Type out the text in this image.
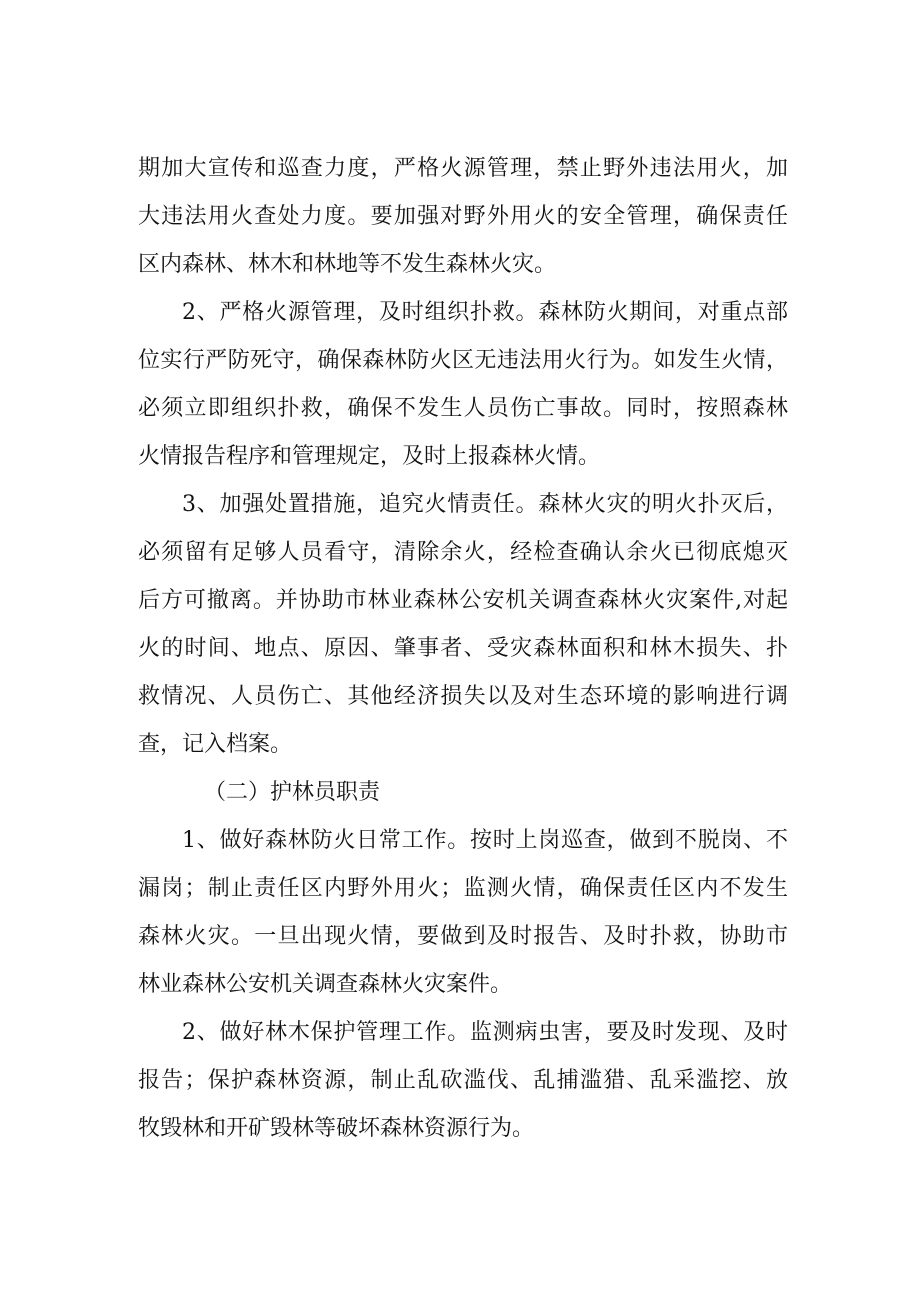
期加大宣传和巡查力度，严格火源管理，禁止野外违法用火，加
大违法用火查处力度。要加强对野外用火的安全管理，确保责任
区内森林、林木和林地等不发生森林火灾。
2、严格火源管理，及时组织扑救。森林防火期间，对重点部
位实行严防死守，确保森林防火区无违法用火行为。如发生火情，
必须立即组织扑救，确保不发生人员伤亡事故。同时，按照森林
火情报告程序和管理规定，及时上报森林火情。
3、加强处置措施，追究火情责任。森林火灾的明火扑灭后，
必须留有足够人员看守，清除余火，经检查确认余火已彻底熄灭
后方可撤离。并协助市林业森林公安机关调查森林火灾案件,对起
火的时间、地点、原因、肇事者、受灾森林面积和林木损失、扑
救情况、人员伤亡、其他经济损失以及对生态环境的影响进行调
查，记入档案。
（二）护林员职责
1、做好森林防火日常工作。按时上岗巡查，做到不脱岗、不
漏岗；制止责任区内野外用火；监测火情，确保责任区内不发生
森林火灾。一旦出现火情，要做到及时报告、及时扑救，协助市
林业森林公安机关调查森林火灾案件。
2、做好林木保护管理工作。监测病虫害，要及时发现、及时
报告；保护森林资源，制止乱砍滥伐、乱捕滥猎、乱采滥挖、放
牧毁林和开矿毁林等破坏森林资源行为。
